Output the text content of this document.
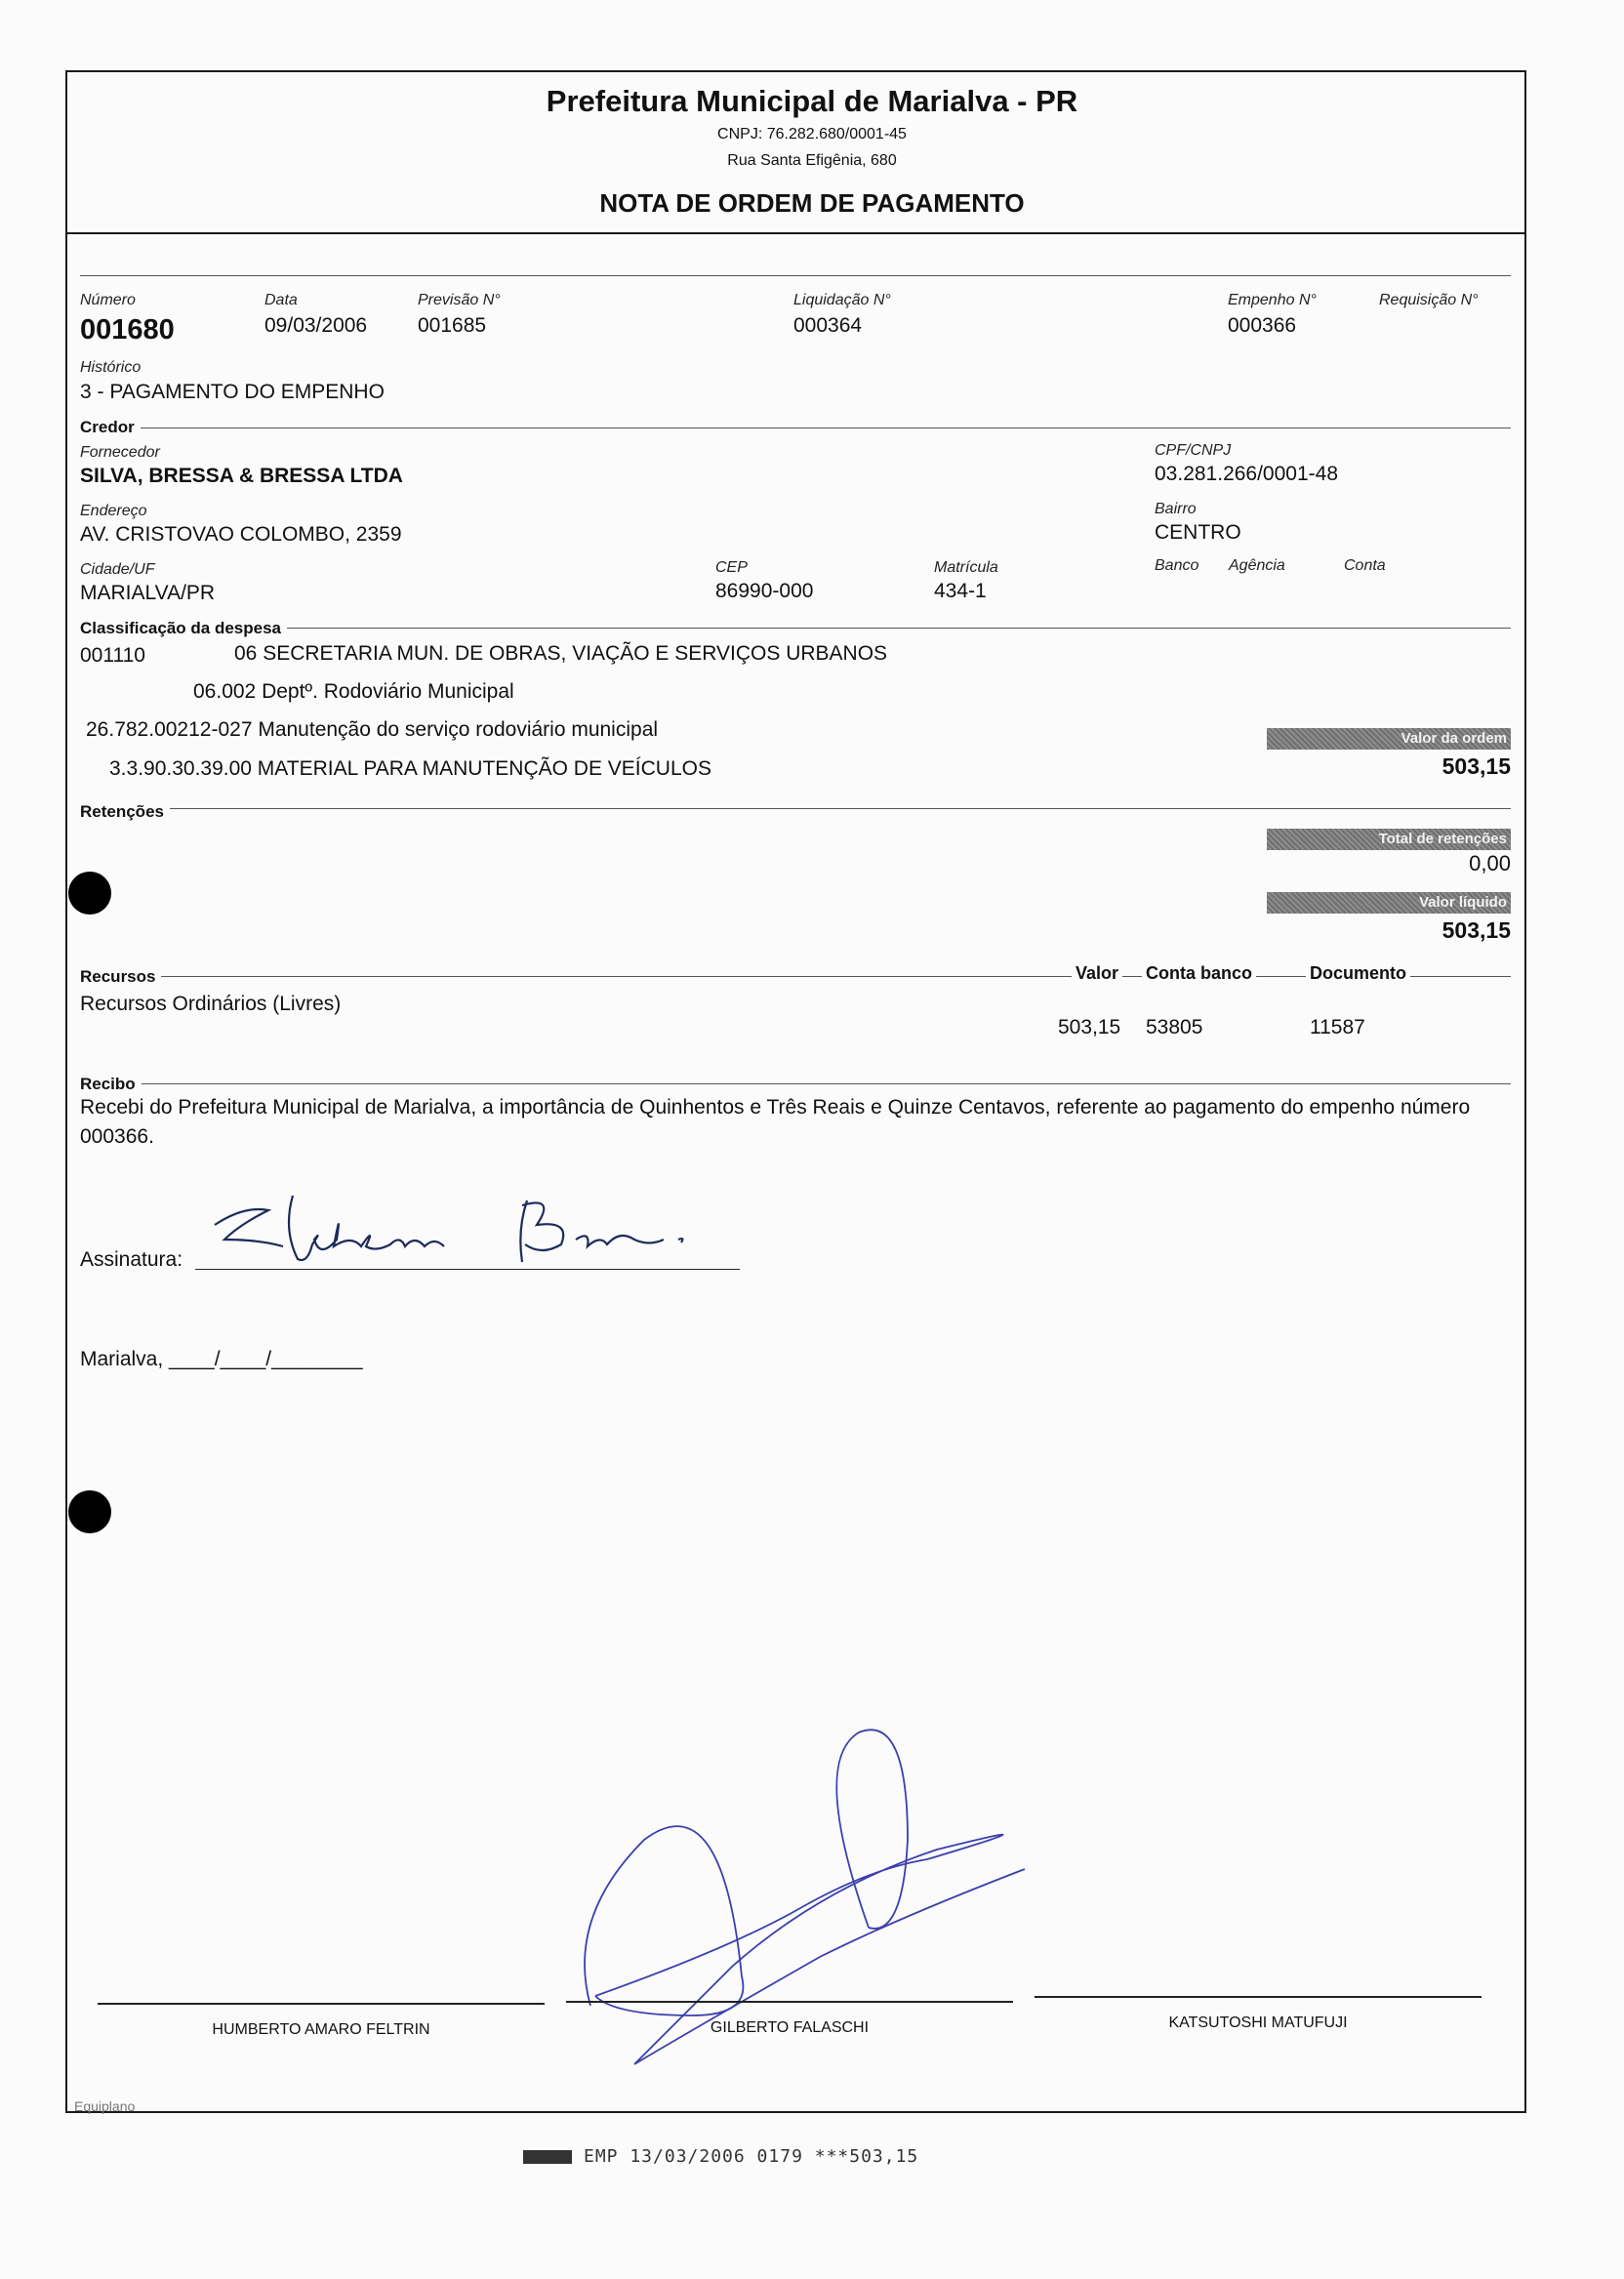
Prefeitura Municipal de Marialva - PR
CNPJ: 76.282.680/0001-45
Rua Santa Efigênia, 680
NOTA DE ORDEM DE PAGAMENTO
Número
001680
Data
09/03/2006
Previsão N°
001685
Liquidação N°
000364
Empenho N°
000366
Requisição N°
Histórico
3 - PAGAMENTO DO EMPENHO
Credor
Fornecedor
SILVA, BRESSA & BRESSA LTDA
CPF/CNPJ
03.281.266/0001-48
Endereço
AV. CRISTOVAO COLOMBO, 2359
Bairro
CENTRO
Cidade/UF
MARIALVA/PR
CEP
86990-000
Matrícula
434-1
Banco Agência	Conta
Classificação da despesa
001110	06 SECRETARIA MUN. DE OBRAS, VIAÇÃO E SERVIÇOS URBANOS
06.002 Deptº. Rodoviário Municipal
26.782.00212-027 Manutenção do serviço rodoviário municipal
3.3.90.30.39.00 MATERIAL PARA MANUTENÇÃO DE VEÍCULOS
Valor da ordem
503,15
Retenções
Total de retenções
0,00
Valor líquido
503,15
Recursos	Valor Conta banco	Documento
Recursos Ordinários (Livres)
503,15 53805	11587
Recibo
Recebi do Prefeitura Municipal de Marialva, a importância de Quinhentos e Três Reais e Quinze Centavos, referente ao pagamento do empenho número 000366.
Assinatura:
Marialva, ____/____/________
HUMBERTO AMARO FELTRIN	GILBERTO FALASCHI	KATSUTOSHI MATUFUJI
Equiplano
EMP 13/03/2006 0179 ***503,15
